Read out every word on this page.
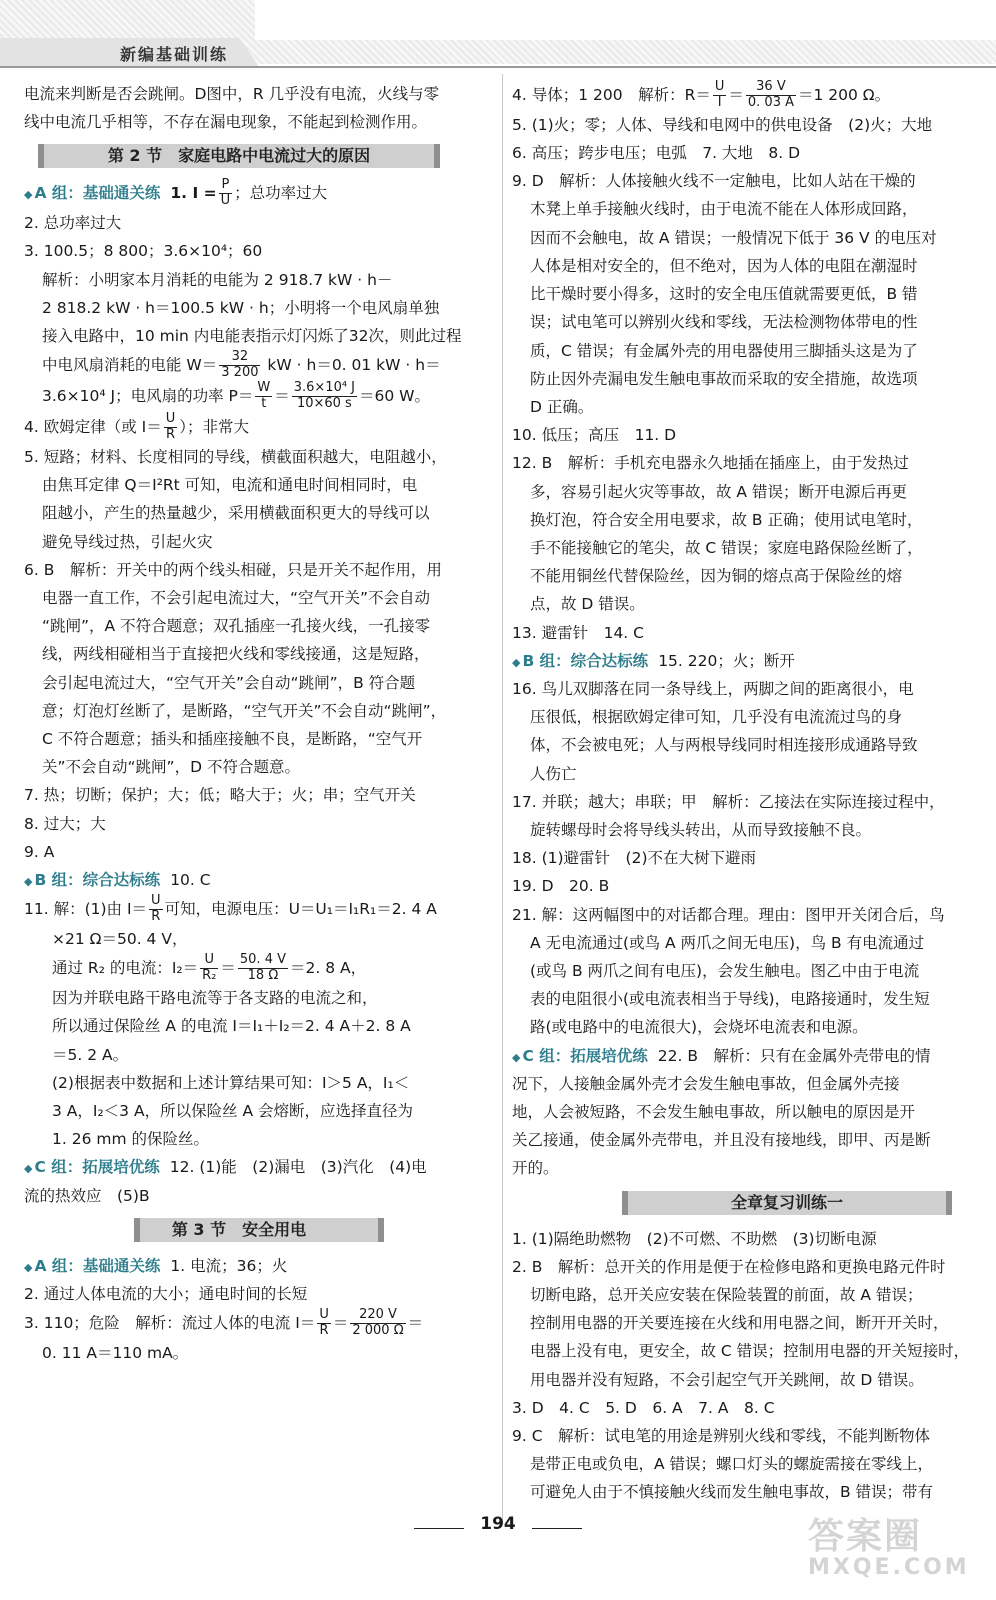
新编基础训练
电流来判断是否会跳闸。D图中，R 几乎没有电流，火线与零
线中电流几乎相等，不存在漏电现象，不能起到检测作用。
第 2 节　家庭电路中电流过大的原因
◆ A 组：基础通关练 1. $I = \frac{P}{U}$ ；总功率过大
2. 总功率过大
3. 100.5；8 800；3.6×10⁴；60
解析：小明家本月消耗的电能为 2 918.7 kW · h－
2 818.2 kW · h＝100.5 kW · h；小明将一个电风扇单独
接入电路中，10 min 内电能表指示灯闪烁了32次，则此过程
中电风扇消耗的电能 $W= \frac{32}{3 200}$ kW · h＝0. 01 kW · h＝
3.6×10⁴ J；电风扇的功率 $P= \frac{W}{t} = \frac{\text{3.6×10⁴ J}}{10\times 60 s} =60$ W。
4. 欧姆定律（或 $I= \frac{U}{R}$ ）；非常大
5. 短路；材料、长度相同的导线，横截面积越大，电阻越小，
由焦耳定律 Q＝I²Rt 可知，电流和通电时间相同时，电
阻越小，产生的热量越少，采用横截面积更大的导线可以
避免导线过热，引起火灾
6. B　解析：开关中的两个线头相碰，只是开关不起作用，用
电器一直工作，不会引起电流过大，“空气开关”不会自动
“跳闸”，A 不符合题意；双孔插座一孔接火线，一孔接零
线，两线相碰相当于直接把火线和零线接通，这是短路，
会引起电流过大，“空气开关”会自动“跳闸”，B 符合题
意；灯泡灯丝断了，是断路，“空气开关”不会自动“跳闸”，
C 不符合题意；插头和插座接触不良，是断路，“空气开
关”不会自动“跳闸”，D 不符合题意。
7. 热；切断；保护；大；低；略大于；火；串；空气开关
8. 过大；大
9. A
◆ B 组：综合达标练 10. C
11. 解：(1)由 $I= \frac{U}{R}$ 可知，电源电压：U＝U₁＝I₁R₁＝2. 4 A
×21 Ω＝50. 4 V，
通过 R₂ 的电流：$I_2= \frac{U}{\text{R₂}} = \frac{50. 4 V}{18 \Omega} =2$. 8 A，
因为并联电路干路电流等于各支路的电流之和，
所以通过保险丝 A 的电流 I＝I₁＋I₂＝2. 4 A＋2. 8 A
＝5. 2 A。
(2)根据表中数据和上述计算结果可知：I＞5 A，I₁＜
3 A，I₂＜3 A，所以保险丝 A 会熔断，应选择直径为
1. 26 mm 的保险丝。
◆ C 组：拓展培优练 12. (1)能　(2)漏电　(3)汽化　(4)电
流的热效应　(5)B
第 3 节　安全用电
◆ A 组：基础通关练 1. 电流；36；火
2. 通过人体电流的大小；通电时间的长短
3. 110；危险　解析：流过人体的电流 $I= \frac{U}{R} = \frac{220 V}{2 000 \Omega}$ ＝
0. 11 A＝110 mA。
4. 导体；1 200　解析：$R= \frac{U}{I} = \frac{36 V}{0. 03 A} =1$ 200 Ω。
5. (1)火；零；人体、导线和电网中的供电设备　(2)火；大地
6. 高压；跨步电压；电弧　7. 大地　8. D
9. D　解析：人体接触火线不一定触电，比如人站在干燥的
木凳上单手接触火线时，由于电流不能在人体形成回路，
因而不会触电，故 A 错误；一般情况下低于 36 V 的电压对
人体是相对安全的，但不绝对，因为人体的电阻在潮湿时
比干燥时要小得多，这时的安全电压值就需要更低，B 错
误；试电笔可以辨别火线和零线，无法检测物体带电的性
质，C 错误；有金属外壳的用电器使用三脚插头这是为了
防止因外壳漏电发生触电事故而采取的安全措施，故选项
D 正确。
10. 低压；高压　11. D
12. B　解析：手机充电器永久地插在插座上，由于发热过
多，容易引起火灾等事故，故 A 错误；断开电源后再更
换灯泡，符合安全用电要求，故 B 正确；使用试电笔时，
手不能接触它的笔尖，故 C 错误；家庭电路保险丝断了，
不能用铜丝代替保险丝，因为铜的熔点高于保险丝的熔
点，故 D 错误。
13. 避雷针　14. C
◆ B 组：综合达标练 15. 220；火；断开
16. 鸟儿双脚落在同一条导线上，两脚之间的距离很小，电
压很低，根据欧姆定律可知，几乎没有电流流过鸟的身
体，不会被电死；人与两根导线同时相连接形成通路导致
人伤亡
17. 并联；越大；串联；甲　解析：乙接法在实际连接过程中，
旋转螺母时会将导线头转出，从而导致接触不良。
18. (1)避雷针　(2)不在大树下避雨
19. D　20. B
21. 解：这两幅图中的对话都合理。理由：图甲开关闭合后，鸟
A 无电流通过(或鸟 A 两爪之间无电压)，鸟 B 有电流通过
(或鸟 B 两爪之间有电压)，会发生触电。图乙中由于电流
表的电阻很小(或电流表相当于导线)，电路接通时，发生短
路(或电路中的电流很大)，会烧坏电流表和电源。
◆ C 组：拓展培优练 22. B　解析：只有在金属外壳带电的情
况下，人接触金属外壳才会发生触电事故，但金属外壳接
地，人会被短路，不会发生触电事故，所以触电的原因是开
关乙接通，使金属外壳带电，并且没有接地线，即甲、丙是断
开的。
全章复习训练一
1. (1)隔绝助燃物　(2)不可燃、不助燃　(3)切断电源
2. B　解析：总开关的作用是便于在检修电路和更换电路元件时
切断电路，总开关应安装在保险装置的前面，故 A 错误；
控制用电器的开关要连接在火线和用电器之间，断开开关时，
电器上没有电，更安全，故 C 错误；控制用电器的开关短接时，
用电器并没有短路，不会引起空气开关跳闸，故 D 错误。
3. D　4. C　5. D　6. A　7. A　8. C
9. C　解析：试电笔的用途是辨别火线和零线，不能判断物体
是带正电或负电，A 错误；螺口灯头的螺旋需接在零线上，
可避免人由于不慎接触火线而发生触电事故，B 错误；带有
194	答案圈
MXQE.COM
